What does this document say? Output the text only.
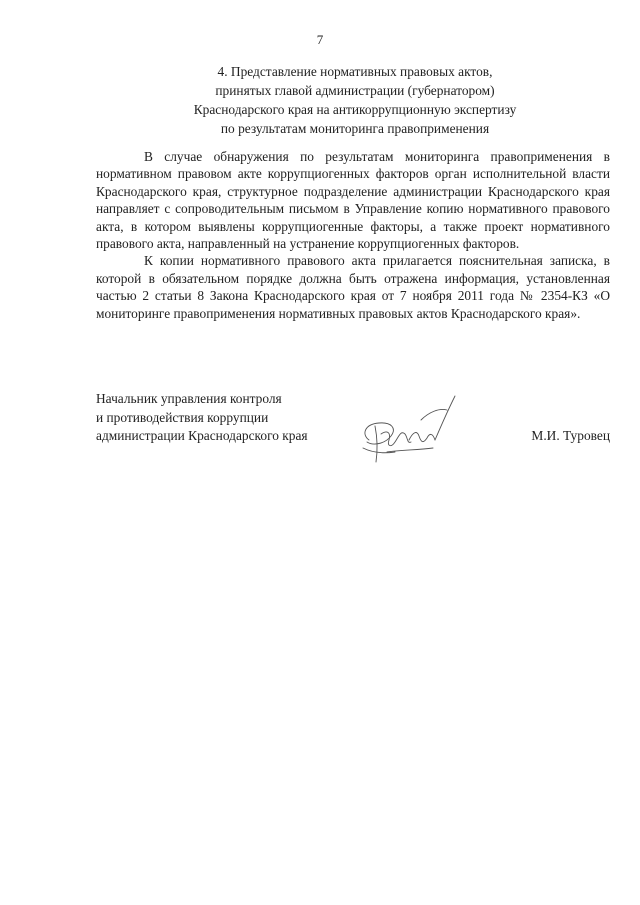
7
4. Представление нормативных правовых актов,
принятых главой администрации (губернатором)
Краснодарского края на антикоррупционную экспертизу
по результатам мониторинга правоприменения

В случае обнаружения по результатам мониторинга правоприменения в нормативном правовом акте коррупциогенных факторов орган исполнительной власти Краснодарского края, структурное подразделение администрации Краснодарского края направляет с сопроводительным письмом в Управление копию нормативного правового акта, в котором выявлены коррупциогенные факторы, а также проект нормативного правового акта, направленный на устранение коррупциогенных факторов.

К копии нормативного правового акта прилагается пояснительная записка, в которой в обязательном порядке должна быть отражена информация, установленная частью 2 статьи 8 Закона Краснодарского края от 7 ноября 2011 года № 2354-КЗ «О мониторинге правоприменения нормативных правовых актов Краснодарского края».

Начальник управления контроля
и противодействия коррупции
администрации Краснодарского края	М.И. Туровец
